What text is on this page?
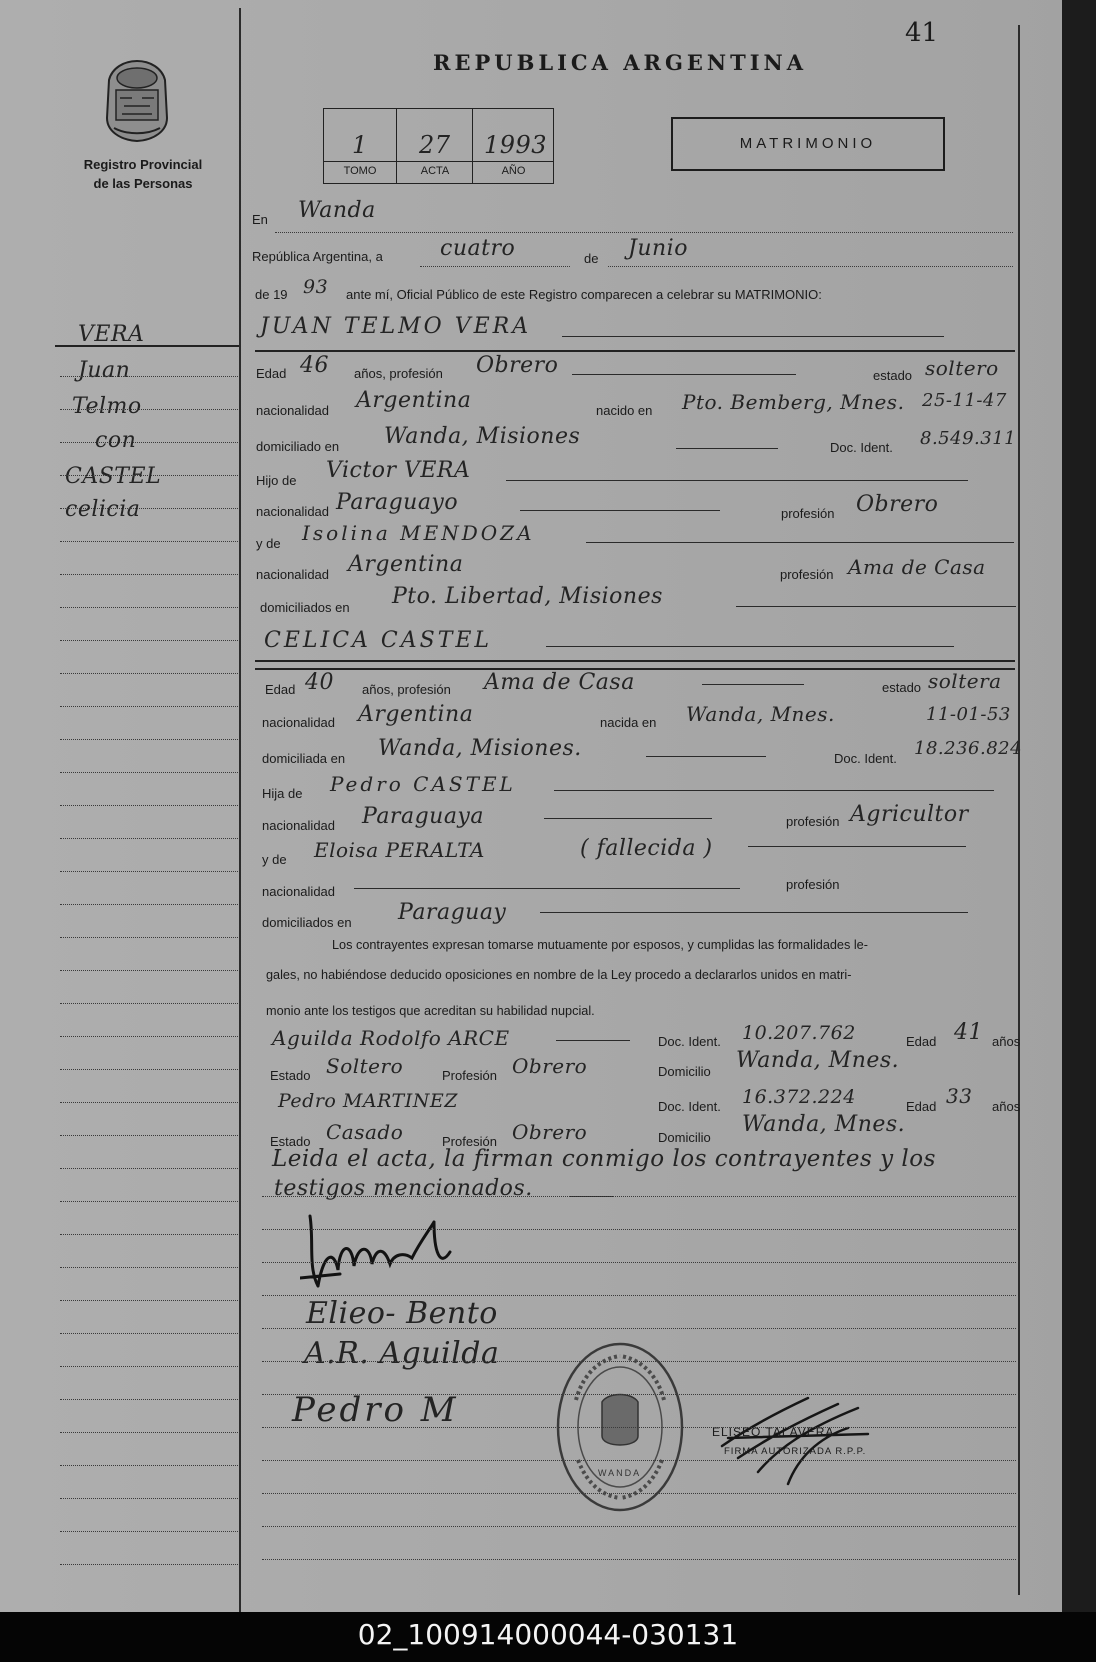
41
Registro Provincial
de las Personas
REPUBLICA ARGENTINA
1 27 1993
TOMO	ACTA	AÑO
MATRIMONIO
VERA
Juan
Telmo
con
CASTEL
celicia
En Wanda
República Argentina, a	cuatro	de Junio
de 19 93 ante mí, Oficial Público de este Registro comparecen a celebrar su MATRIMONIO:
JUAN TELMO VERA
Edad 46 años, profesión Obrero	estado soltero
nacionalidad Argentina	nacido en Pto. Bemberg, Mnes. 25-11-47
domiciliado en Wanda, Misiones	Doc. Ident. 8.549.311
Hijo de Victor VERA
nacionalidad Paraguayo	profesión Obrero
y de Isolina MENDOZA
nacionalidad Argentina	profesión Ama de Casa
domiciliados en Pto. Libertad, Misiones
CELICA CASTEL
Edad 40 años, profesión Ama de Casa	estado soltera
nacionalidad Argentina	nacida en Wanda, Mnes.	11-01-53
domiciliada en Wanda, Misiones.	Doc. Ident. 18.236.824
Hija de Pedro CASTEL
nacionalidad Paraguaya	profesión Agricultor
y de Eloisa PERALTA	( fallecida )
nacionalidad	profesión
domiciliados en Paraguay
Los contrayentes expresan tomarse mutuamente por esposos, y cumplidas las formalidades le-
gales, no habiéndose deducido oposiciones en nombre de la Ley procedo a declararlos unidos en matri-
monio ante los testigos que acreditan su habilidad nupcial.
Aguilda Rodolfo ARCE	Doc. Ident. 10.207.762	Edad 41 años
Estado Soltero	Profesión Obrero	Domicilio Wanda, Mnes.
Pedro MARTINEZ	Doc. Ident. 16.372.224	Edad 33 años
Estado Casado	Profesión Obrero	Domicilio
Wanda, Mnes.
Leida el acta, la firman conmigo los contrayentes y los
testigos mencionados.
Elieo- Bento
A.R. Aguilda
Pedro M
WANDA
ELISEO TALAVERA
FIRMA AUTORIZADA R.P.P.
02_100914000044-030131
